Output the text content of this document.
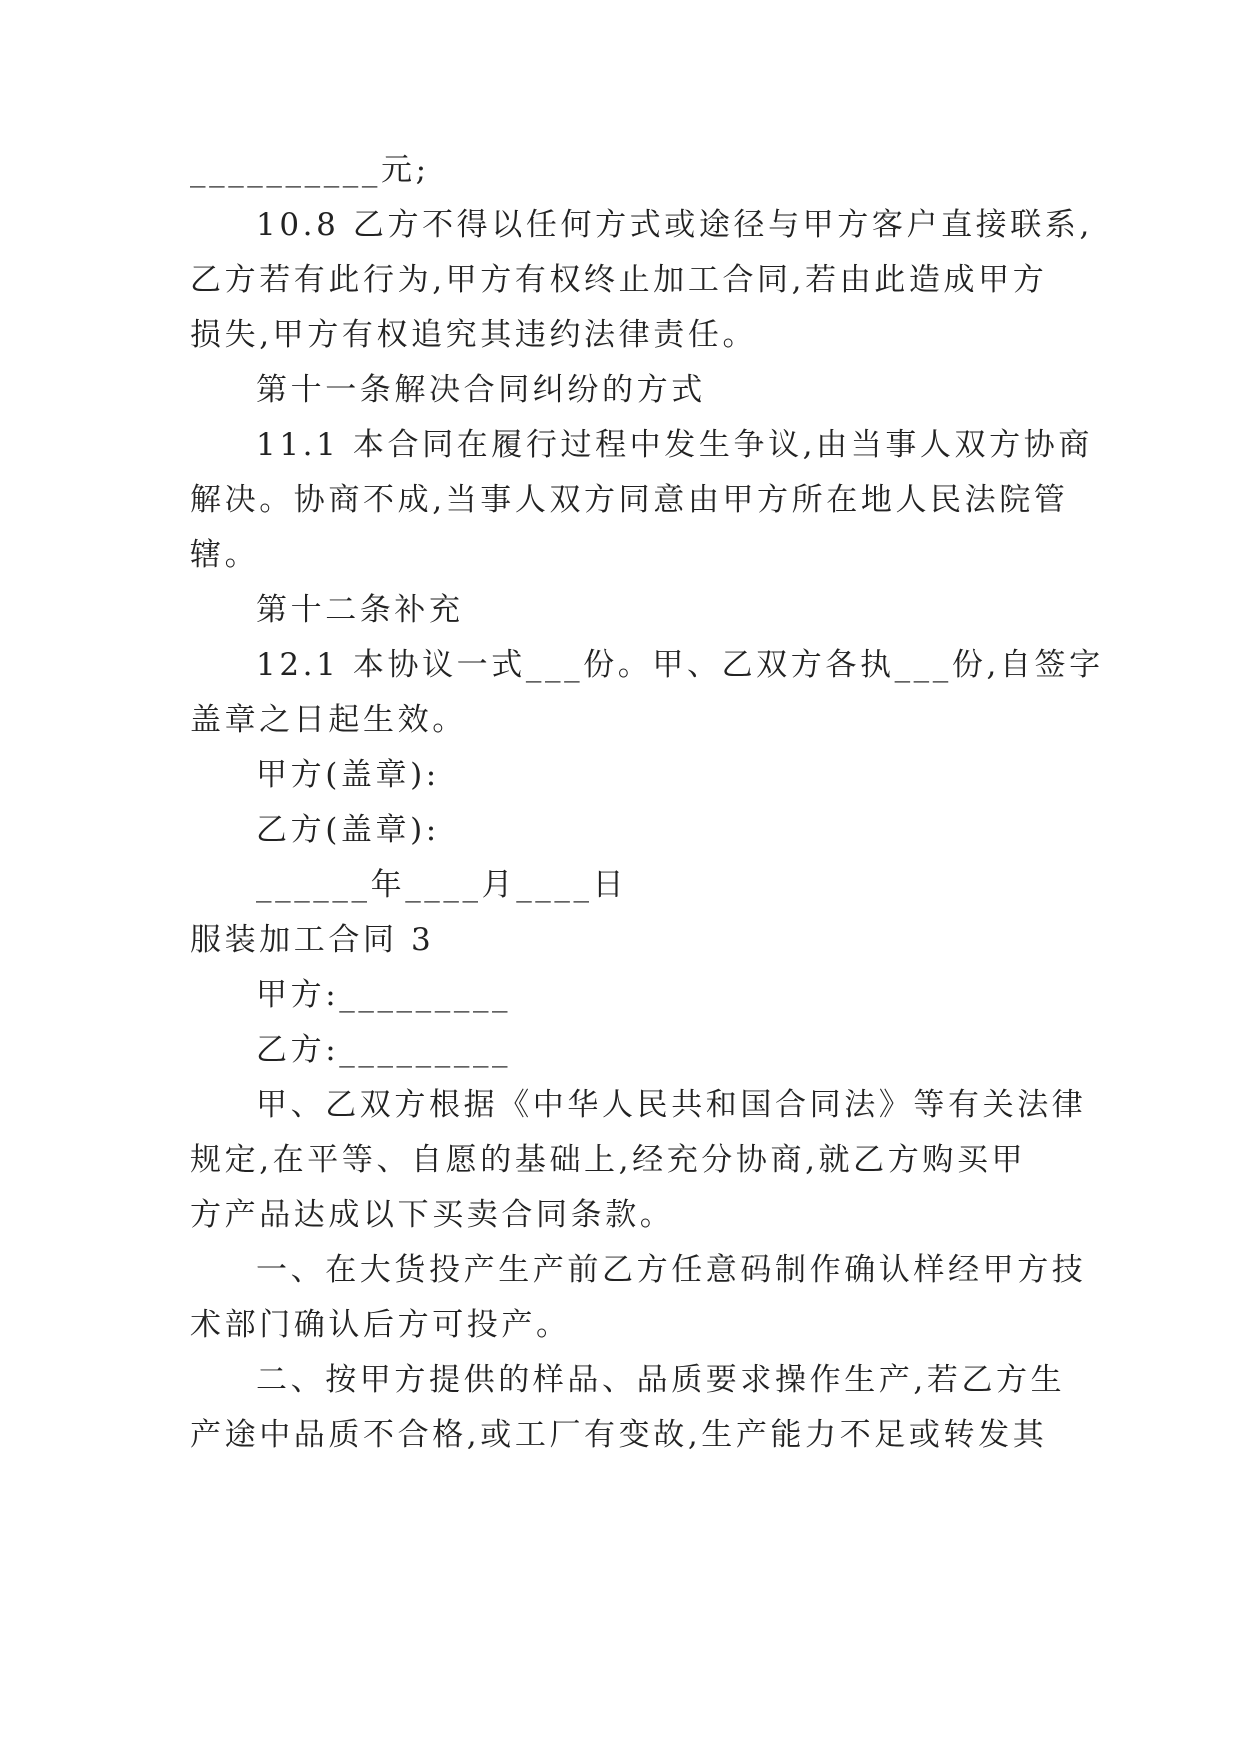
__________元;
10.8 乙方不得以任何方式或途径与甲方客户直接联系,
乙方若有此行为,甲方有权终止加工合同,若由此造成甲方
损失,甲方有权追究其违约法律责任。
第十一条解决合同纠纷的方式
11.1 本合同在履行过程中发生争议,由当事人双方协商
解决。协商不成,当事人双方同意由甲方所在地人民法院管
辖。
第十二条补充
12.1 本协议一式___份。甲、乙双方各执___份,自签字
盖章之日起生效。
甲方(盖章):
乙方(盖章):
______年____月____日
服装加工合同 3
甲方:_________
乙方:_________
甲、乙双方根据《中华人民共和国合同法》等有关法律
规定,在平等、自愿的基础上,经充分协商,就乙方购买甲
方产品达成以下买卖合同条款。
一、在大货投产生产前乙方任意码制作确认样经甲方技
术部门确认后方可投产。
二、按甲方提供的样品、品质要求操作生产,若乙方生
产途中品质不合格,或工厂有变故,生产能力不足或转发其
